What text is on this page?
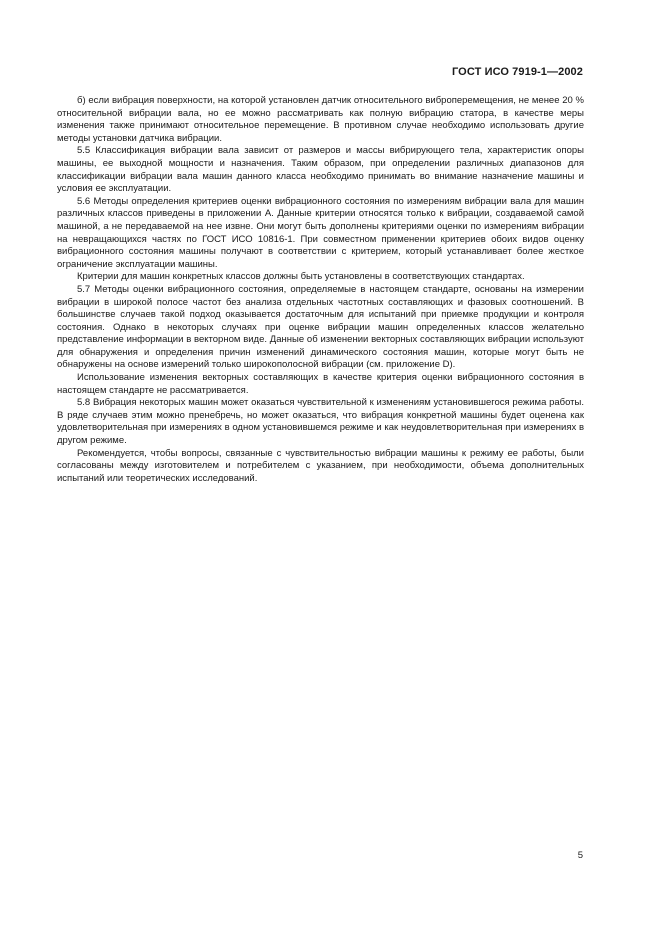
ГОСТ ИСО 7919-1—2002

б) если вибрация поверхности, на которой установлен датчик относительного виброперемещения, не менее 20 % относительной вибрации вала, но ее можно рассматривать как полную вибрацию статора, в качестве меры изменения также принимают относительное перемещение. В противном случае необходимо использовать другие методы установки датчика вибрации.

5.5 Классификация вибрации вала зависит от размеров и массы вибрирующего тела, характеристик опоры машины, ее выходной мощности и назначения. Таким образом, при определении различных диапазонов для классификации вибрации вала машин данного класса необходимо принимать во внимание назначение машины и условия ее эксплуатации.

5.6 Методы определения критериев оценки вибрационного состояния по измерениям вибрации вала для машин различных классов приведены в приложении А. Данные критерии относятся только к вибрации, создаваемой самой машиной, а не передаваемой на нее извне. Они могут быть дополнены критериями оценки по измерениям вибрации на невращающихся частях по ГОСТ ИСО 10816-1. При совместном применении критериев обоих видов оценку вибрационного состояния машины получают в соответствии с критерием, который устанавливает более жесткое ограничение эксплуатации машины.

Критерии для машин конкретных классов должны быть установлены в соответствующих стандартах.

5.7 Методы оценки вибрационного состояния, определяемые в настоящем стандарте, основаны на измерении вибрации в широкой полосе частот без анализа отдельных частотных составляющих и фазовых соотношений. В большинстве случаев такой подход оказывается достаточным для испытаний при приемке продукции и контроля состояния. Однако в некоторых случаях при оценке вибрации машин определенных классов желательно представление информации в векторном виде. Данные об изменении векторных составляющих вибрации используют для обнаружения и определения причин изменений динамического состояния машин, которые могут быть не обнаружены на основе измерений только широкополосной вибрации (см. приложение D).

Использование изменения векторных составляющих в качестве критерия оценки вибрационного состояния в настоящем стандарте не рассматривается.

5.8 Вибрация некоторых машин может оказаться чувствительной к изменениям установившегося режима работы. В ряде случаев этим можно пренебречь, но может оказаться, что вибрация конкретной машины будет оценена как удовлетворительная при измерениях в одном установившемся режиме и как неудовлетворительная при измерениях в другом режиме.

Рекомендуется, чтобы вопросы, связанные с чувствительностью вибрации машины к режиму ее работы, были согласованы между изготовителем и потребителем с указанием, при необходимости, объема дополнительных испытаний или теоретических исследований.

5
